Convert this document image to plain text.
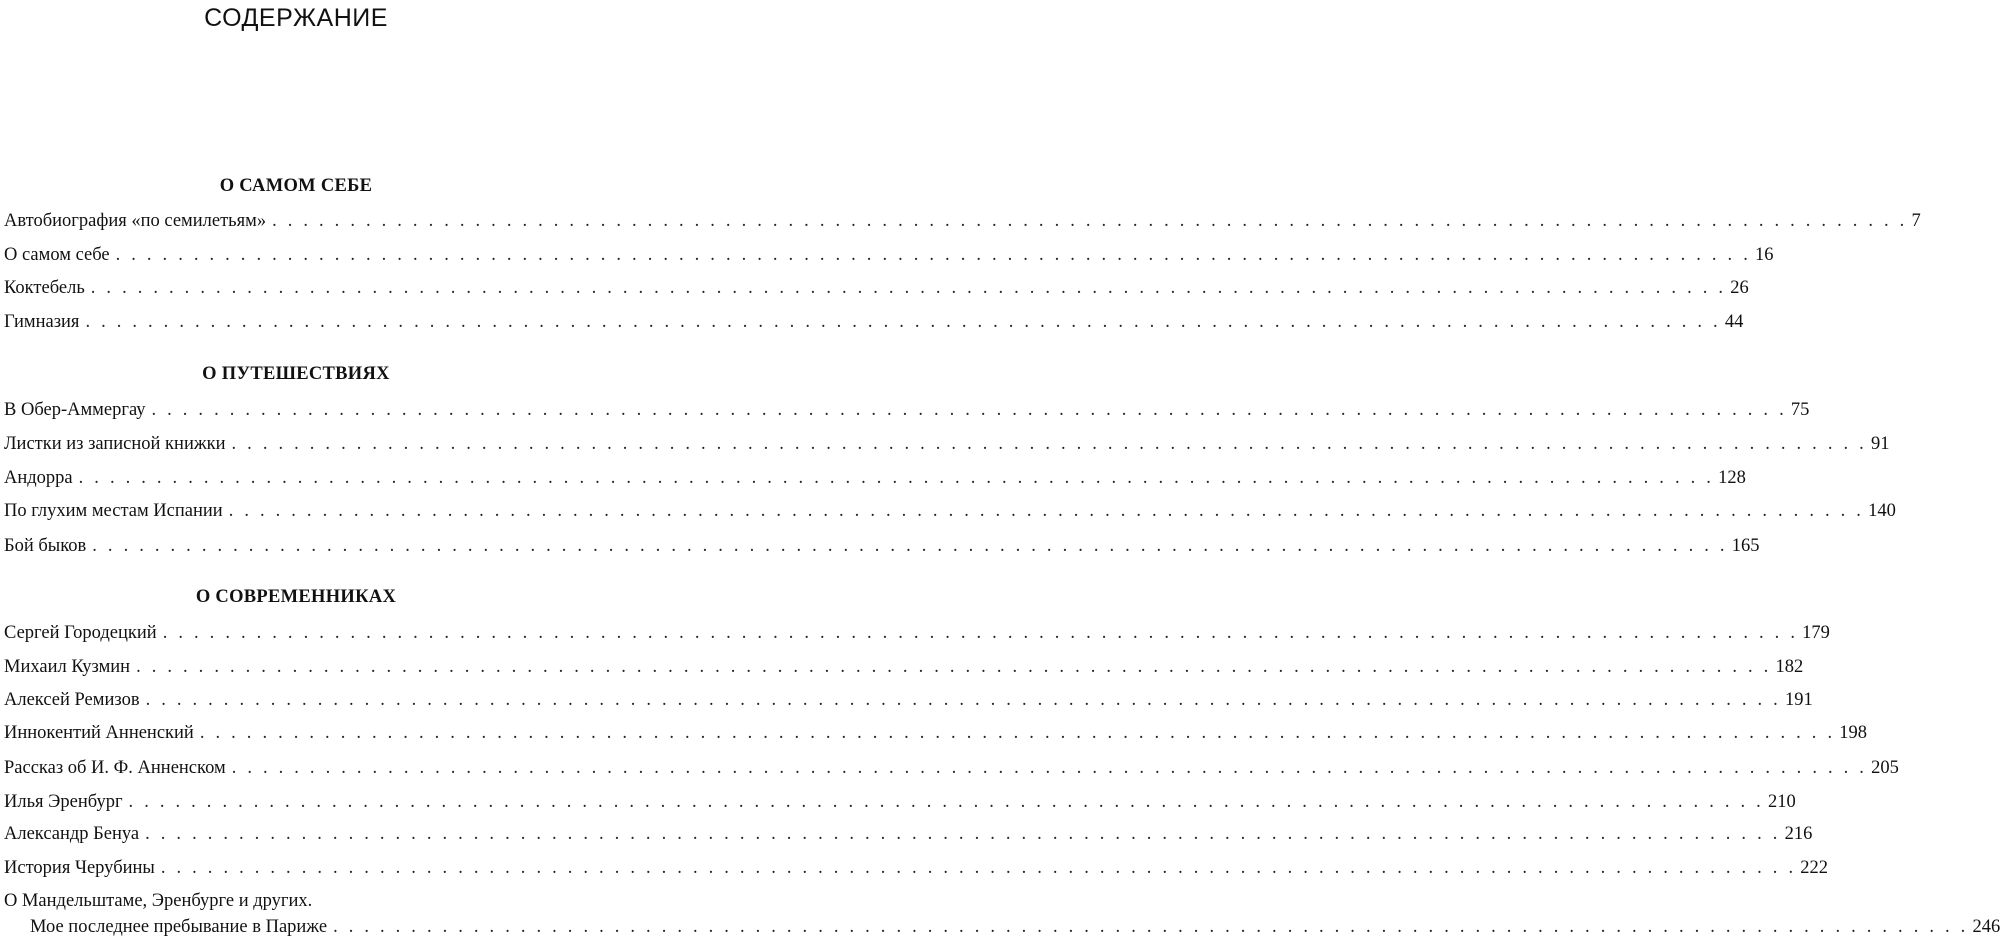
СОДЕРЖАНИЕ
О САМОМ СЕБЕ
Автобиография «по семилетьям» . . . . . . . . . . . . . . . . . . . . . . . . . . . . . . . . . . . . . . . . . . . . . . . . . . . . . . . . . . . . . . . . . . . . . . . . . . . . . . . . . . . . . . . . . . . . . . . . . . . . . . . . . 7
О самом себе . . . . . . . . . . . . . . . . . . . . . . . . . . . . . . . . . . . . . . . . . . . . . . . . . . . . . . . . . . . . . . . . . . . . . . . . . . . . . . . . . . . . . . . . . . . . . . . . . . . . . . . . . 16
Коктебель . . . . . . . . . . . . . . . . . . . . . . . . . . . . . . . . . . . . . . . . . . . . . . . . . . . . . . . . . . . . . . . . . . . . . . . . . . . . . . . . . . . . . . . . . . . . . . . . . . . . . . . . . 26
Гимназия . . . . . . . . . . . . . . . . . . . . . . . . . . . . . . . . . . . . . . . . . . . . . . . . . . . . . . . . . . . . . . . . . . . . . . . . . . . . . . . . . . . . . . . . . . . . . . . . . . . . . . . . . 44
О ПУТЕШЕСТВИЯХ
В Обер-Аммергау . . . . . . . . . . . . . . . . . . . . . . . . . . . . . . . . . . . . . . . . . . . . . . . . . . . . . . . . . . . . . . . . . . . . . . . . . . . . . . . . . . . . . . . . . . . . . . . . . . . . . . . . . 75
Листки из записной книжки . . . . . . . . . . . . . . . . . . . . . . . . . . . . . . . . . . . . . . . . . . . . . . . . . . . . . . . . . . . . . . . . . . . . . . . . . . . . . . . . . . . . . . . . . . . . . . . . . . . . . . . . . 91
Андорра . . . . . . . . . . . . . . . . . . . . . . . . . . . . . . . . . . . . . . . . . . . . . . . . . . . . . . . . . . . . . . . . . . . . . . . . . . . . . . . . . . . . . . . . . . . . . . . . . . . . . . . . . 128
По глухим местам Испании . . . . . . . . . . . . . . . . . . . . . . . . . . . . . . . . . . . . . . . . . . . . . . . . . . . . . . . . . . . . . . . . . . . . . . . . . . . . . . . . . . . . . . . . . . . . . . . . . . . . . . . . . 140
Бой быков . . . . . . . . . . . . . . . . . . . . . . . . . . . . . . . . . . . . . . . . . . . . . . . . . . . . . . . . . . . . . . . . . . . . . . . . . . . . . . . . . . . . . . . . . . . . . . . . . . . . . . . . . 165
О СОВРЕМЕННИКАХ
Сергей Городецкий . . . . . . . . . . . . . . . . . . . . . . . . . . . . . . . . . . . . . . . . . . . . . . . . . . . . . . . . . . . . . . . . . . . . . . . . . . . . . . . . . . . . . . . . . . . . . . . . . . . . . . . . . 179
Михаил Кузмин . . . . . . . . . . . . . . . . . . . . . . . . . . . . . . . . . . . . . . . . . . . . . . . . . . . . . . . . . . . . . . . . . . . . . . . . . . . . . . . . . . . . . . . . . . . . . . . . . . . . . . . . . 182
Алексей Ремизов . . . . . . . . . . . . . . . . . . . . . . . . . . . . . . . . . . . . . . . . . . . . . . . . . . . . . . . . . . . . . . . . . . . . . . . . . . . . . . . . . . . . . . . . . . . . . . . . . . . . . . . . . 191
Иннокентий Анненский . . . . . . . . . . . . . . . . . . . . . . . . . . . . . . . . . . . . . . . . . . . . . . . . . . . . . . . . . . . . . . . . . . . . . . . . . . . . . . . . . . . . . . . . . . . . . . . . . . . . . . . . . 198
Рассказ об И. Ф. Анненском . . . . . . . . . . . . . . . . . . . . . . . . . . . . . . . . . . . . . . . . . . . . . . . . . . . . . . . . . . . . . . . . . . . . . . . . . . . . . . . . . . . . . . . . . . . . . . . . . . . . . . . . . 205
Илья Эренбург . . . . . . . . . . . . . . . . . . . . . . . . . . . . . . . . . . . . . . . . . . . . . . . . . . . . . . . . . . . . . . . . . . . . . . . . . . . . . . . . . . . . . . . . . . . . . . . . . . . . . . . . . 210
Александр Бенуа . . . . . . . . . . . . . . . . . . . . . . . . . . . . . . . . . . . . . . . . . . . . . . . . . . . . . . . . . . . . . . . . . . . . . . . . . . . . . . . . . . . . . . . . . . . . . . . . . . . . . . . . . 216
История Черубины . . . . . . . . . . . . . . . . . . . . . . . . . . . . . . . . . . . . . . . . . . . . . . . . . . . . . . . . . . . . . . . . . . . . . . . . . . . . . . . . . . . . . . . . . . . . . . . . . . . . . . . . . 222
О Мандельштаме, Эренбурге и других.
Мое последнее пребывание в Париже . . . . . . . . . . . . . . . . . . . . . . . . . . . . . . . . . . . . . . . . . . . . . . . . . . . . . . . . . . . . . . . . . . . . . . . . . . . . . . . . . . . . . . . . . . . . . . . . . . . . . . . . . 246
